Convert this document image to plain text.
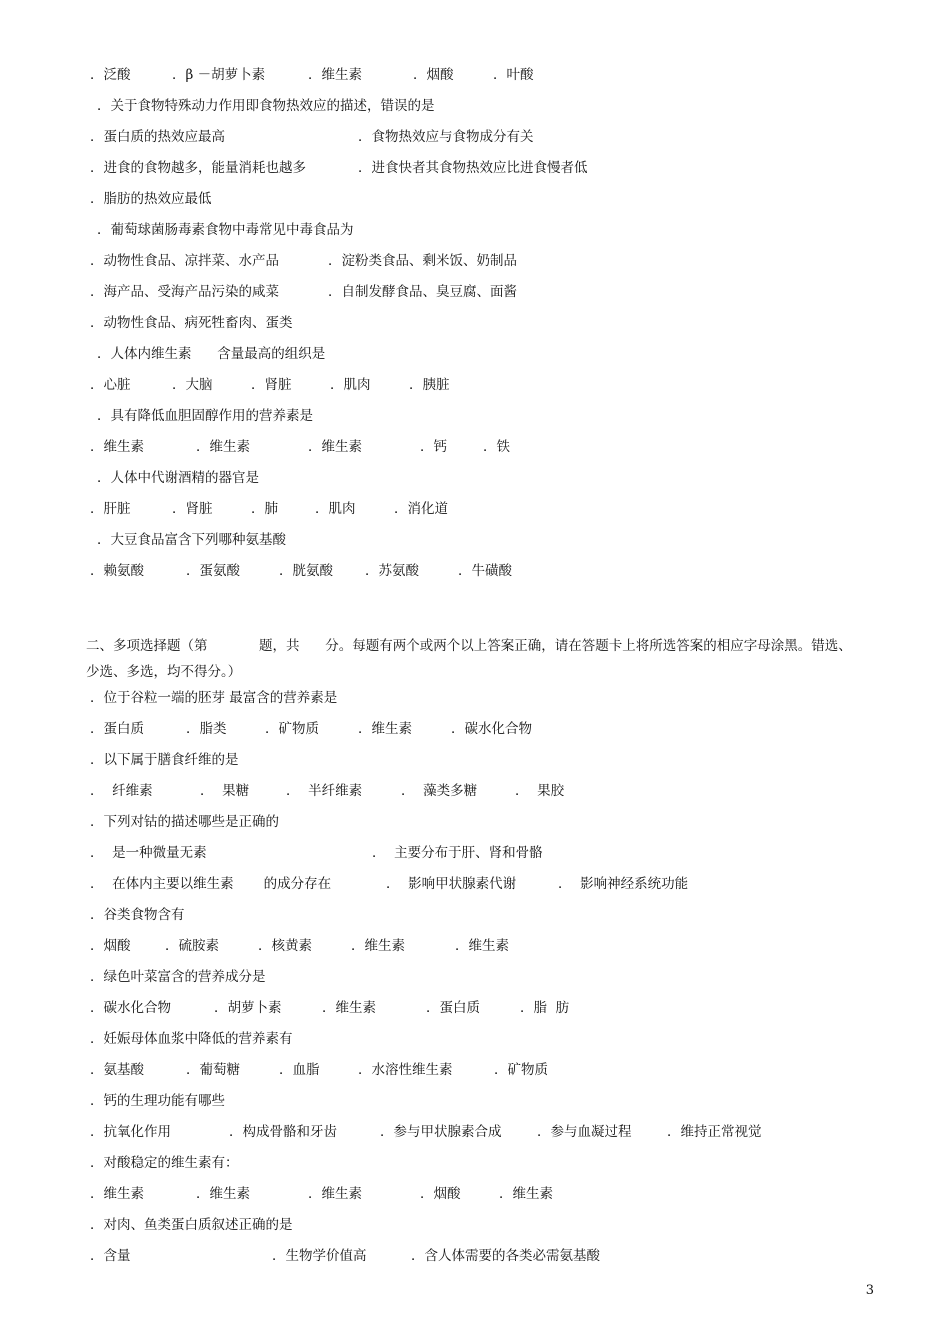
．泛酸	．β －胡萝卜素	．维生素	．烟酸	．叶酸
．关于食物特殊动力作用即食物热效应的描述，错误的是
．蛋白质的热效应最高	．食物热效应与食物成分有关
．进食的食物越多，能量消耗也越多	．进食快者其食物热效应比进食慢者低
．脂肪的热效应最低
．葡萄球菌肠毒素食物中毒常见中毒食品为
．动物性食品、凉拌菜、水产品	．淀粉类食品、剩米饭、奶制品
．海产品、受海产品污染的咸菜	．自制发酵食品、臭豆腐、面酱
．动物性食品、病死牲畜肉、蛋类
．人体内维生素      含量最高的组织是
．心脏	．大脑	．肾脏	．肌肉	．胰脏
．具有降低血胆固醇作用的营养素是
．维生素	．维生素	．维生素	．钙	．铁
．人体中代谢酒精的器官是
．肝脏	．肾脏	．肺	．肌肉	．消化道
．大豆食品富含下列哪种氨基酸
．赖氨酸	．蛋氨酸	．胱氨酸 ．苏氨酸	．牛磺酸
二、多项选择题（第            题，共      分。每题有两个或两个以上答案正确，请在答题卡上将所选答案的相应字母涂黑。错选、
少选、多选，均不得分。）
．位于谷粒一端的胚芽 最富含的营养素是
．蛋白质	．脂类	．矿物质	．维生素	．碳水化合物
．以下属于膳食纤维的是
．  纤维素	．  果糖	．  半纤维素	．  藻类多糖	．  果胶
．下列对钴的描述哪些是正确的
．  是一种微量无素	．  主要分布于肝、肾和骨骼
．  在体内主要以维生素       的成分存在	．  影响甲状腺素代谢	．  影响神经系统功能
．谷类食物含有
．烟酸	．硫胺素	．核黄素	．维生素	．维生素
．绿色叶菜富含的营养成分是
．碳水化合物	．胡萝卜素	．维生素	．蛋白质	．脂  肪
．妊娠母体血浆中降低的营养素有
．氨基酸	．葡萄糖	．血脂	．水溶性维生素	．矿物质
．钙的生理功能有哪些
．抗氧化作用	．构成骨骼和牙齿	．参与甲状腺素合成	．参与血凝过程	．维持正常视觉
．对酸稳定的维生素有：
．维生素	．维生素	．维生素	．烟酸	．维生素
．对肉、鱼类蛋白质叙述正确的是
．含量	．生物学价值高	．含人体需要的各类必需氨基酸
3
